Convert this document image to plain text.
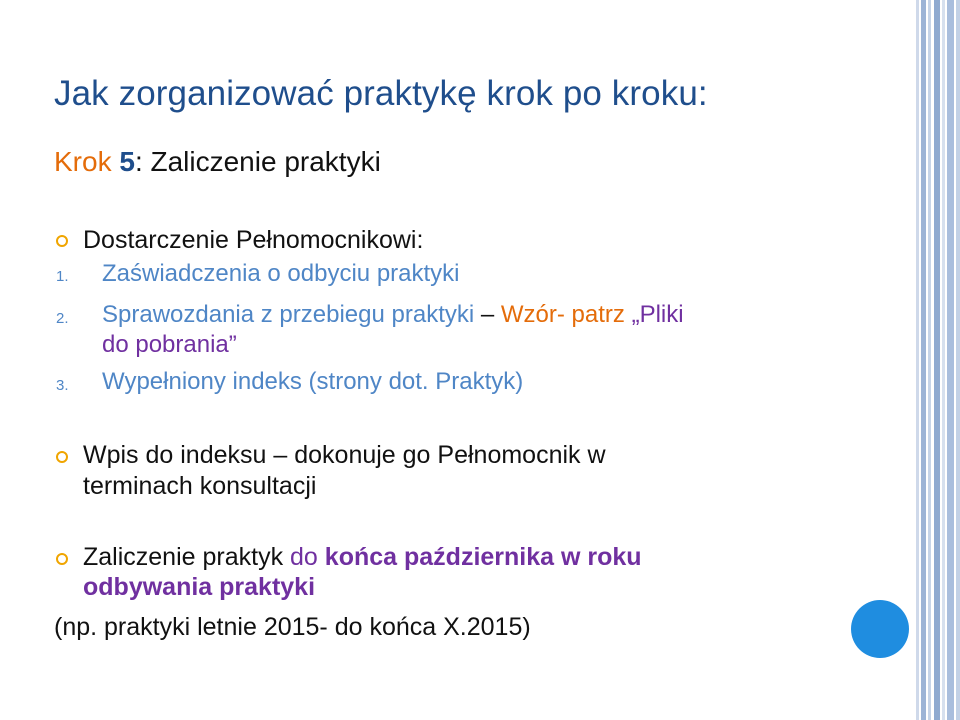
Jak zorganizować praktykę krok po kroku:
Krok 5: Zaliczenie praktyki
Dostarczenie Pełnomocnikowi:
1. Zaświadczenia o odbyciu praktyki
2. Sprawozdania z przebiegu praktyki – Wzór- patrz „Pliki
do pobrania”
3. Wypełniony indeks (strony dot. Praktyk)
Wpis do indeksu – dokonuje go Pełnomocnik w
terminach konsultacji
Zaliczenie praktyk do końca października w roku
odbywania praktyki
(np. praktyki letnie 2015- do końca X.2015)
